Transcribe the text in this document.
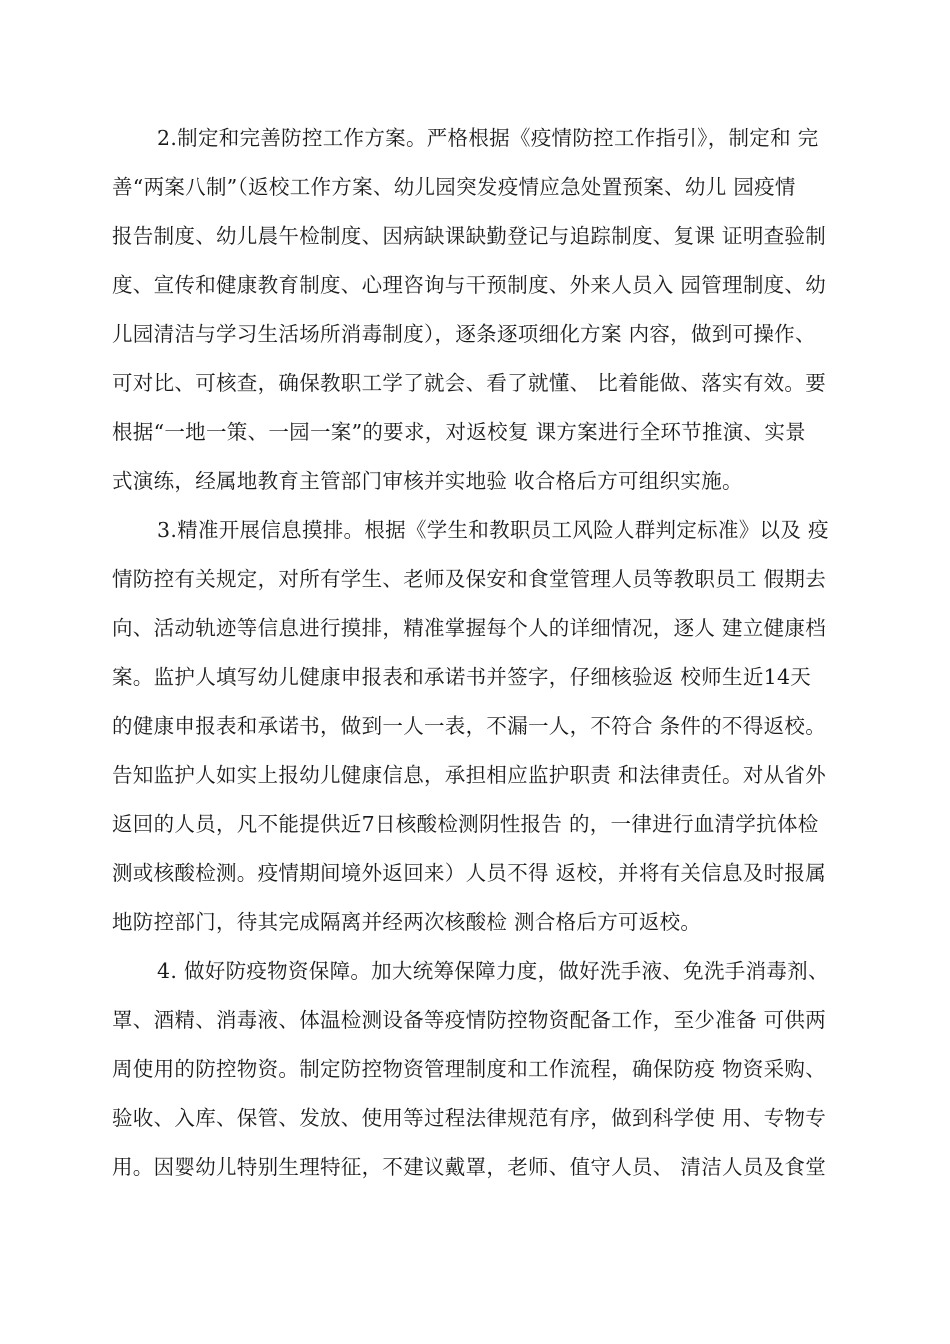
2.制定和完善防控工作方案。严格根据《疫情防控工作指引》，制定和 完
善“两案八制”（返校工作方案、幼儿园突发疫情应急处置预案、幼儿 园疫情
报告制度、幼儿晨午检制度、因病缺课缺勤登记与追踪制度、复课 证明查验制
度、宣传和健康教育制度、心理咨询与干预制度、外来人员入 园管理制度、幼
儿园清洁与学习生活场所消毒制度），逐条逐项细化方案 内容，做到可操作、
可对比、可核查，确保教职工学了就会、看了就懂、 比着能做、落实有效。要
根据“一地一策、一园一案”的要求，对返校复 课方案进行全环节推演、实景
式演练，经属地教育主管部门审核并实地验 收合格后方可组织实施。
3.精准开展信息摸排。根据《学生和教职员工风险人群判定标准》以及 疫
情防控有关规定，对所有学生、老师及保安和食堂管理人员等教职员工 假期去
向、活动轨迹等信息进行摸排，精准掌握每个人的详细情况，逐人 建立健康档
案。监护人填写幼儿健康申报表和承诺书并签字，仔细核验返 校师生近14天
的健康申报表和承诺书，做到一人一表，不漏一人，不符合 条件的不得返校。
告知监护人如实上报幼儿健康信息，承担相应监护职责 和法律责任。对从省外
返回的人员，凡不能提供近7日核酸检测阴性报告 的，一律进行血清学抗体检
测或核酸检测。疫情期间境外返回来）人员不得 返校，并将有关信息及时报属
地防控部门，待其完成隔离并经两次核酸检 测合格后方可返校。
4. 做好防疫物资保障。加大统筹保障力度，做好洗手液、免洗手消毒剂、
罩、酒精、消毒液、体温检测设备等疫情防控物资配备工作，至少准备 可供两
周使用的防控物资。制定防控物资管理制度和工作流程，确保防疫 物资采购、
验收、入库、保管、发放、使用等过程法律规范有序，做到科学使 用、专物专
用。因婴幼儿特别生理特征，不建议戴罩，老师、值守人员、 清洁人员及食堂
